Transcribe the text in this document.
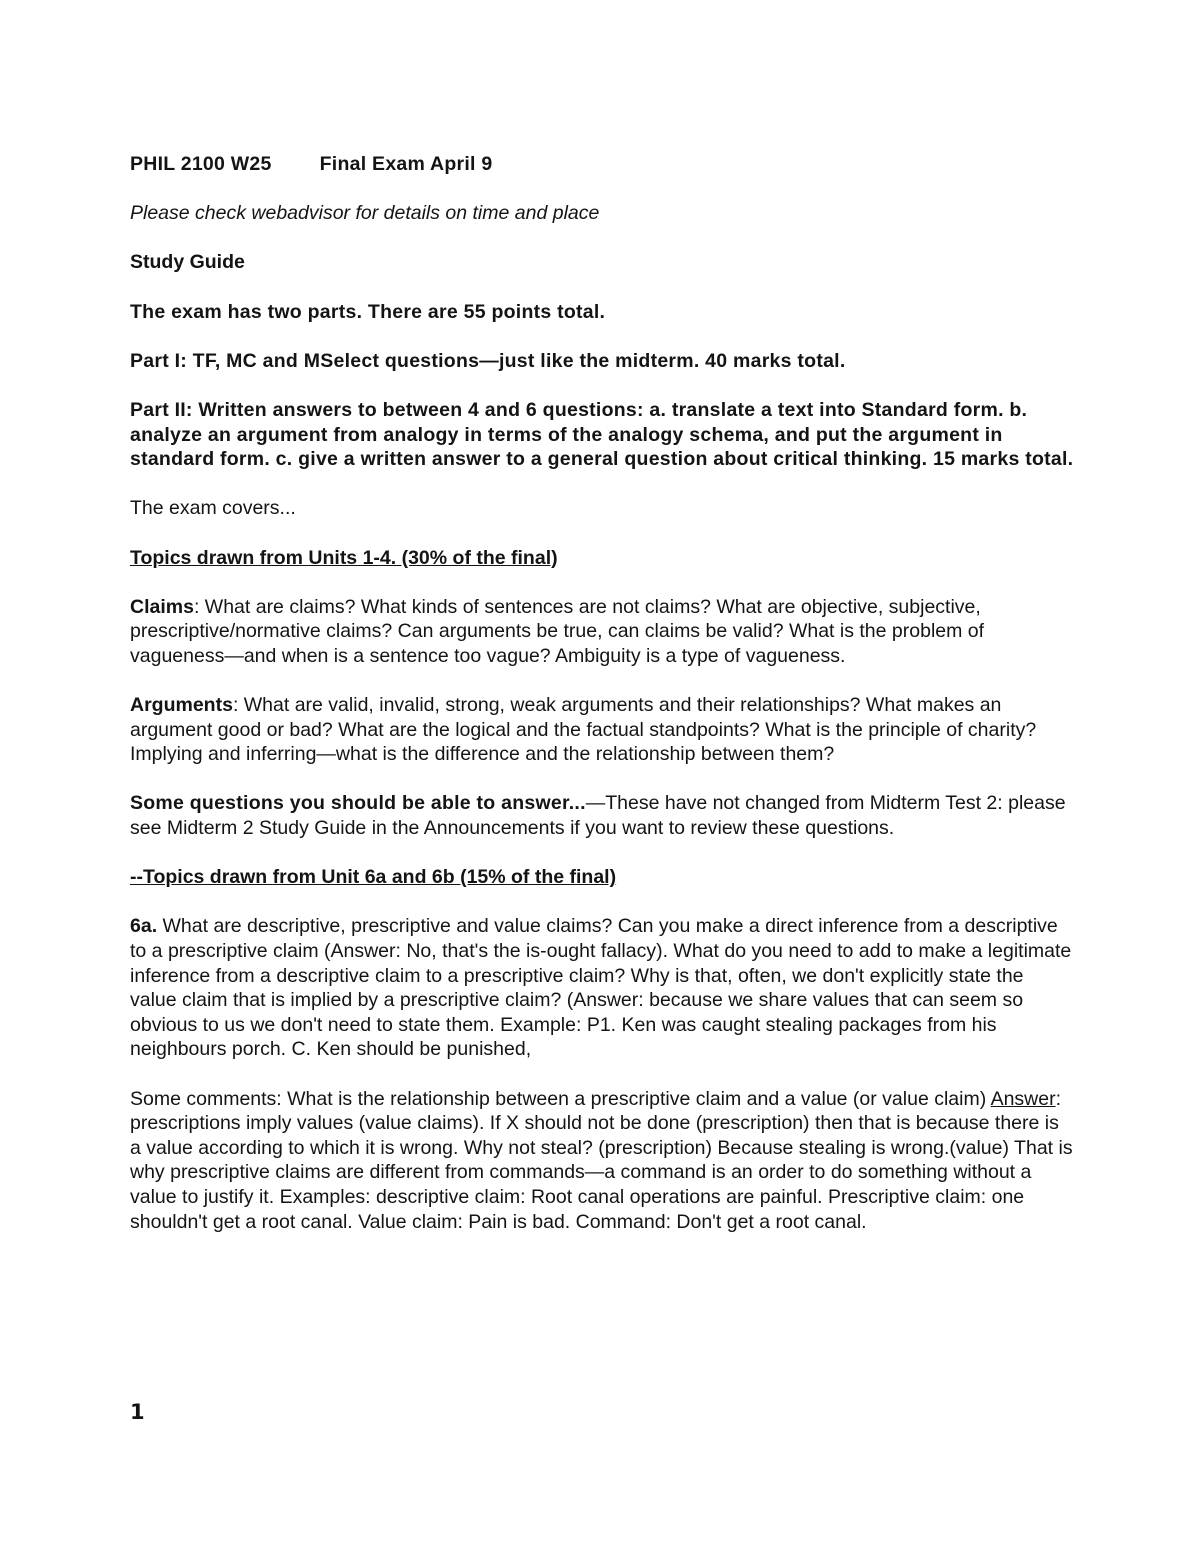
PHIL 2100 W25 Final Exam April 9

Please check webadvisor for details on time and place

Study Guide

The exam has two parts. There are 55 points total.

Part I: TF, MC and MSelect questions—just like the midterm. 40 marks total.

Part II: Written answers to between 4 and 6 questions: a. translate a text into Standard form. b. analyze an argument from analogy in terms of the analogy schema, and put the argument in standard form. c. give a written answer to a general question about critical thinking. 15 marks total.

The exam covers...

Topics drawn from Units 1-4. (30% of the final)

Claims: What are claims? What kinds of sentences are not claims? What are objective, subjective, prescriptive/normative claims? Can arguments be true, can claims be valid? What is the problem of vagueness—and when is a sentence too vague? Ambiguity is a type of vagueness.

Arguments: What are valid, invalid, strong, weak arguments and their relationships? What makes an argument good or bad? What are the logical and the factual standpoints? What is the principle of charity? Implying and inferring—what is the difference and the relationship between them?

Some questions you should be able to answer...—These have not changed from Midterm Test 2: please see Midterm 2 Study Guide in the Announcements if you want to review these questions.

--Topics drawn from Unit 6a and 6b (15% of the final)

6a. What are descriptive, prescriptive and value claims? Can you make a direct inference from a descriptive to a prescriptive claim (Answer: No, that's the is-ought fallacy). What do you need to add to make a legitimate inference from a descriptive claim to a prescriptive claim? Why is that, often, we don't explicitly state the value claim that is implied by a prescriptive claim? (Answer: because we share values that can seem so obvious to us we don't need to state them. Example: P1. Ken was caught stealing packages from his neighbours porch. C. Ken should be punished,

Some comments: What is the relationship between a prescriptive claim and a value (or value claim) Answer: prescriptions imply values (value claims). If X should not be done (prescription) then that is because there is a value according to which it is wrong. Why not steal? (prescription) Because stealing is wrong.(value) That is why prescriptive claims are different from commands—a command is an order to do something without a value to justify it. Examples: descriptive claim: Root canal operations are painful. Prescriptive claim: one shouldn't get a root canal. Value claim: Pain is bad. Command: Don't get a root canal.

1
